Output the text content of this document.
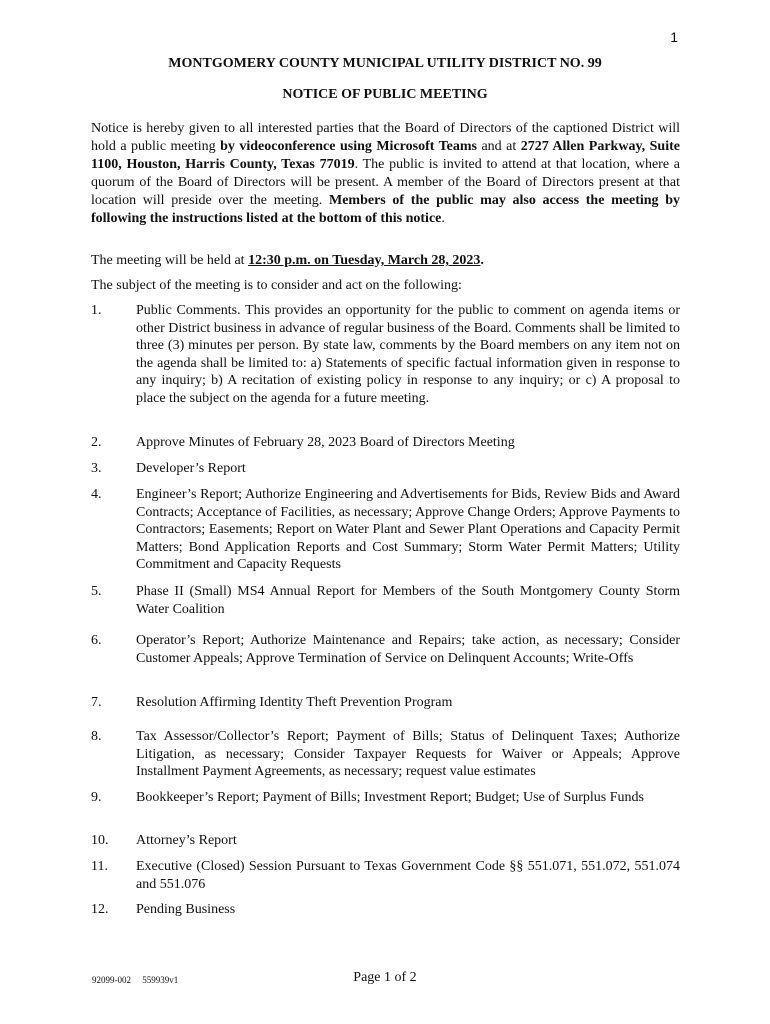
1
MONTGOMERY COUNTY MUNICIPAL UTILITY DISTRICT NO. 99
NOTICE OF PUBLIC MEETING

Notice is hereby given to all interested parties that the Board of Directors of the captioned District will hold a public meeting by videoconference using Microsoft Teams and at 2727 Allen Parkway, Suite 1100, Houston, Harris County, Texas 77019. The public is invited to attend at that location, where a quorum of the Board of Directors will be present. A member of the Board of Directors present at that location will preside over the meeting. Members of the public may also access the meeting by following the instructions listed at the bottom of this notice.

The meeting will be held at 12:30 p.m. on Tuesday, March 28, 2023.

The subject of the meeting is to consider and act on the following:

1.	Public Comments. This provides an opportunity for the public to comment on agenda items or other District business in advance of regular business of the Board. Comments shall be limited to three (3) minutes per person. By state law, comments by the Board members on any item not on the agenda shall be limited to: a) Statements of specific factual information given in response to any inquiry; b) A recitation of existing policy in response to any inquiry; or c) A proposal to place the subject on the agenda for a future meeting.
2.	Approve Minutes of February 28, 2023 Board of Directors Meeting
3.	Developer’s Report
4.	Engineer’s Report; Authorize Engineering and Advertisements for Bids, Review Bids and Award Contracts; Acceptance of Facilities, as necessary; Approve Change Orders; Approve Payments to Contractors; Easements; Report on Water Plant and Sewer Plant Operations and Capacity Permit Matters; Bond Application Reports and Cost Summary; Storm Water Permit Matters; Utility Commitment and Capacity Requests
5.	Phase II (Small) MS4 Annual Report for Members of the South Montgomery County Storm Water Coalition
6.	Operator’s Report; Authorize Maintenance and Repairs; take action, as necessary; Consider Customer Appeals; Approve Termination of Service on Delinquent Accounts; Write-Offs
7.	Resolution Affirming Identity Theft Prevention Program
8.	Tax Assessor/Collector’s Report; Payment of Bills; Status of Delinquent Taxes; Authorize Litigation, as necessary; Consider Taxpayer Requests for Waiver or Appeals; Approve Installment Payment Agreements, as necessary; request value estimates
9.	Bookkeeper’s Report; Payment of Bills; Investment Report; Budget; Use of Surplus Funds
10.	Attorney’s Report
11.	Executive (Closed) Session Pursuant to Texas Government Code §§ 551.071, 551.072, 551.074 and 551.076
12.	Pending Business
92099-002     559939v1	Page 1 of 2
